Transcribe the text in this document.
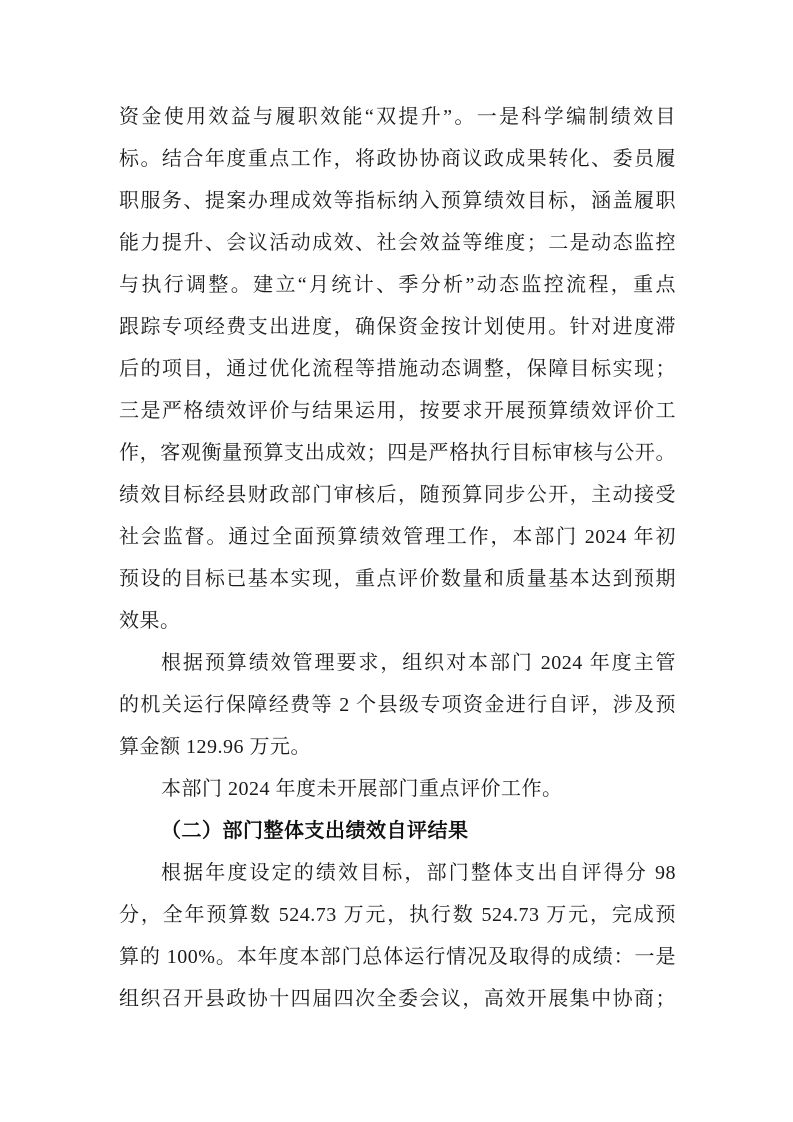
资金使用效益与履职效能“双提升”。一是科学编制绩效目
标。结合年度重点工作，将政协协商议政成果转化、委员履
职服务、提案办理成效等指标纳入预算绩效目标，涵盖履职
能力提升、会议活动成效、社会效益等维度；二是动态监控
与执行调整。建立“月统计、季分析”动态监控流程，重点
跟踪专项经费支出进度，确保资金按计划使用。针对进度滞
后的项目，通过优化流程等措施动态调整，保障目标实现；
三是严格绩效评价与结果运用，按要求开展预算绩效评价工
作，客观衡量预算支出成效；四是严格执行目标审核与公开。
绩效目标经县财政部门审核后，随预算同步公开，主动接受
社会监督。通过全面预算绩效管理工作，本部门 2024 年初
预设的目标已基本实现，重点评价数量和质量基本达到预期
效果。
根据预算绩效管理要求，组织对本部门 2024 年度主管
的机关运行保障经费等 2 个县级专项资金进行自评，涉及预
算金额 129.96 万元。
本部门 2024 年度未开展部门重点评价工作。
（二）部门整体支出绩效自评结果
根据年度设定的绩效目标，部门整体支出自评得分 98
分，全年预算数 524.73 万元，执行数 524.73 万元，完成预
算的 100%。本年度本部门总体运行情况及取得的成绩：一是
组织召开县政协十四届四次全委会议，高效开展集中协商；
